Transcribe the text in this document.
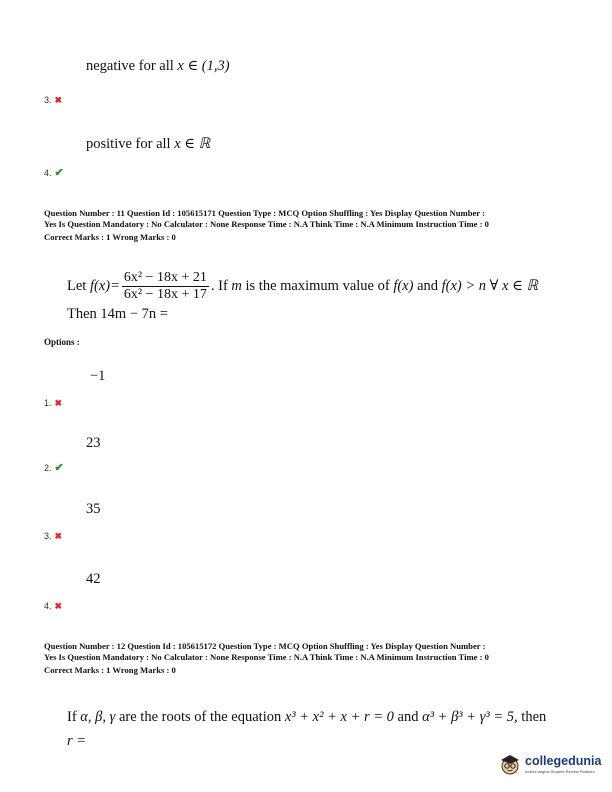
negative for all x ∈ (1,3)
3. ✖
positive for all x ∈ ℝ
4. ✔
Question Number : 11 Question Id : 105615171 Question Type : MCQ Option Shuffling : Yes Display Question Number :
Yes Is Question Mandatory : No Calculator : None Response Time : N.A Think Time : N.A Minimum Instruction Time : 0
Correct Marks : 1 Wrong Marks : 0
Let $f(x)= \frac{\text{6x² − 18x + 21}}{\text{6x² − 18x + 17}}$ . If m is the maximum value of f(x) and f(x) > n ∀ x ∈ ℝ
Then 14m − 7n =
Options :
−1
1. ✖
23
2. ✔
35
3. ✖
42
4. ✖
Question Number : 12 Question Id : 105615172 Question Type : MCQ Option Shuffling : Yes Display Question Number :
Yes Is Question Mandatory : No Calculator : None Response Time : N.A Think Time : N.A Minimum Instruction Time : 0
Correct Marks : 1 Wrong Marks : 0
If α, β, γ are the roots of the equation x³ + x² + x + r = 0 and α³ + β³ + γ³ = 5, then
r =
collegedunia
India's largest Student Review Platform
